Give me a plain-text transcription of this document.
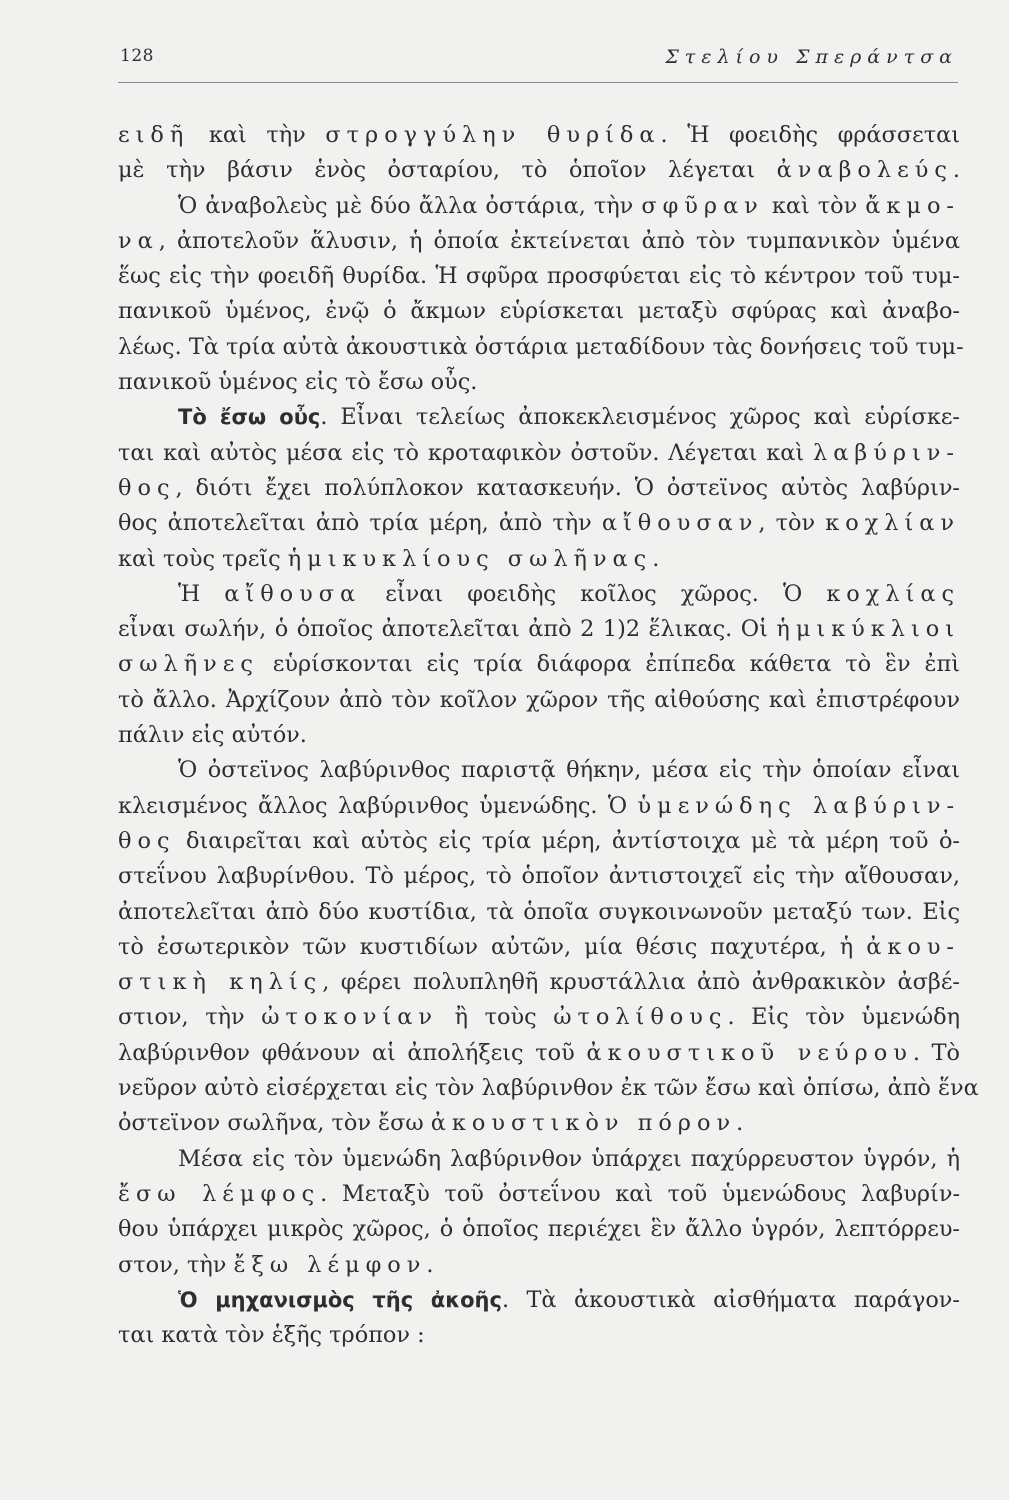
128	Στελίου Σπεράντσα
ειδῆ καὶ τὴν στρογγύλην θυρίδα. Ἡ φοειδὴς φράσσεται
μὲ τὴν βάσιν ἑνὸς ὀσταρίου, τὸ ὁποῖον λέγεται ἀναβολεύς.
Ὁ ἀναβολεὺς μὲ δύο ἄλλα ὀστάρια, τὴν σφῦραν καὶ τὸν ἄκμο-
να, ἀποτελοῦν ἅλυσιν, ἡ ὁποία ἐκτείνεται ἀπὸ τὸν τυμπανικὸν ὑμένα
ἕως εἰς τὴν φοειδῆ θυρίδα. Ἡ σφῦρα προσφύεται εἰς τὸ κέντρον τοῦ τυμ-
πανικοῦ ὑμένος, ἐνῷ ὁ ἄκμων εὑρίσκεται μεταξὺ σφύρας καὶ ἀναβο-
λέως. Τὰ τρία αὐτὰ ἀκουστικὰ ὀστάρια μεταδίδουν τὰς δονήσεις τοῦ τυμ-
πανικοῦ ὑμένος εἰς τὸ ἔσω οὖς.
Τὸ ἔσω οὖς. Εἶναι τελείως ἀποκεκλεισμένος χῶρος καὶ εὑρίσκε-
ται καὶ αὐτὸς μέσα εἰς τὸ κροταφικὸν ὀστοῦν. Λέγεται καὶ λαβύριν-
θος, διότι ἔχει πολύπλοκον κατασκευήν. Ὁ ὀστεϊνος αὐτὸς λαβύριν-
θος ἀποτελεῖται ἀπὸ τρία μέρη, ἀπὸ τὴν αἴθουσαν, τὸν κοχλίαν
καὶ τοὺς τρεῖς ἡμικυκλίους σωλῆνας.
Ἡ αἴθουσα εἶναι φοειδὴς κοῖλος χῶρος. Ὁ κοχλίας
εἶναι σωλήν, ὁ ὁποῖος ἀποτελεῖται ἀπὸ 2 1)2 ἕλικας. Οἱ ἡμικύκλιοι
σωλῆνες εὑρίσκονται εἰς τρία διάφορα ἐπίπεδα κάθετα τὸ ἓν ἐπὶ
τὸ ἄλλο. Ἀρχίζουν ἀπὸ τὸν κοῖλον χῶρον τῆς αἰθούσης καὶ ἐπιστρέφουν
πάλιν εἰς αὐτόν.
Ὁ ὀστεϊνος λαβύρινθος παριστᾷ θήκην, μέσα εἰς τὴν ὁποίαν εἶναι
κλεισμένος ἄλλος λαβύρινθος ὑμενώδης. Ὁ ὑμενώδης λαβύριν-
θος διαιρεῖται καὶ αὐτὸς εἰς τρία μέρη, ἀντίστοιχα μὲ τὰ μέρη τοῦ ὀ-
στεΐνου λαβυρίνθου. Τὸ μέρος, τὸ ὁποῖον ἀντιστοιχεῖ εἰς τὴν αἴθουσαν,
ἀποτελεῖται ἀπὸ δύο κυστίδια, τὰ ὁποῖα συγκοινωνοῦν μεταξύ των. Εἰς
τὸ ἐσωτερικὸν τῶν κυστιδίων αὐτῶν, μία θέσις παχυτέρα, ἡ ἀκου-
στικὴ κηλίς, φέρει πολυπληθῆ κρυστάλλια ἀπὸ ἀνθρακικὸν ἀσβέ-
στιον, τὴν ὠτοκονίαν ἢ τοὺς ὠτολίθους. Εἰς τὸν ὑμενώδη
λαβύρινθον φθάνουν αἱ ἀπολήξεις τοῦ ἀκουστικοῦ νεύρου. Τὸ
νεῦρον αὐτὸ εἰσέρχεται εἰς τὸν λαβύρινθον ἐκ τῶν ἔσω καὶ ὀπίσω, ἀπὸ ἕνα
ὀστεϊνον σωλῆνα, τὸν ἔσω ἀκουστικὸν πόρον.
Μέσα εἰς τὸν ὑμενώδη λαβύρινθον ὑπάρχει παχύρρευστον ὑγρόν, ἡ
ἔσω λέμφος. Μεταξὺ τοῦ ὀστεΐνου καὶ τοῦ ὑμενώδους λαβυρίν-
θου ὑπάρχει μικρὸς χῶρος, ὁ ὁποῖος περιέχει ἓν ἄλλο ὑγρόν, λεπτόρρευ-
στον, τὴν ἔξω λέμφον.
Ὁ μηχανισμὸς τῆς ἀκοῆς. Τὰ ἀκουστικὰ αἰσθήματα παράγον-
ται κατὰ τὸν ἑξῆς τρόπον :
